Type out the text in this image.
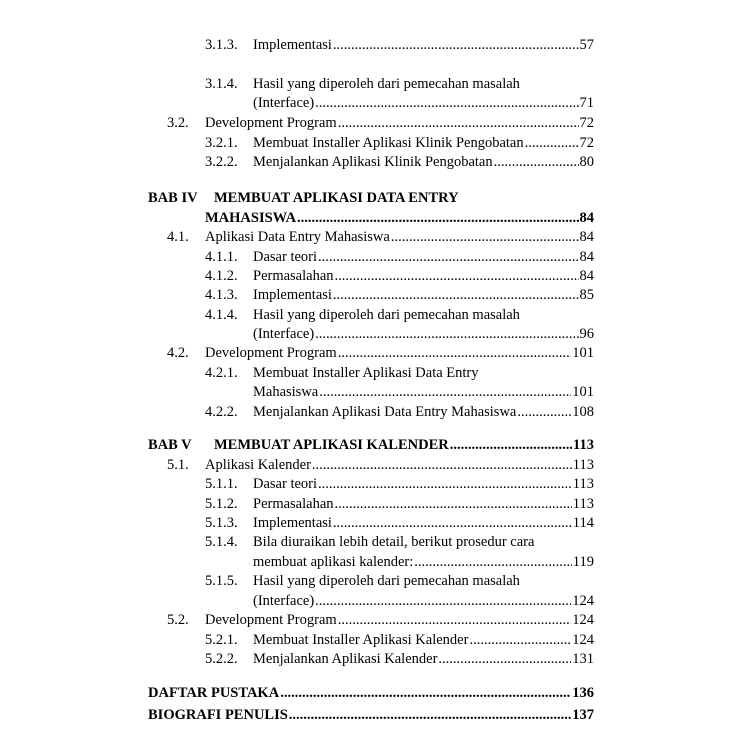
3.1.3. Implementasi .....	57
3.1.4. Hasil yang diperoleh dari pemecahan masalah
(Interface) .....	71
3.2. Development Program .....	72
3.2.1. Membuat Installer Aplikasi Klinik Pengobatan .....	72
3.2.2. Menjalankan Aplikasi Klinik Pengobatan .....	80
BAB IV MEMBUAT APLIKASI DATA ENTRY
MAHASISWA .....	84
4.1. Aplikasi Data Entry Mahasiswa .....	84
4.1.1. Dasar teori .....	84
4.1.2. Permasalahan .....	84
4.1.3. Implementasi .....	85
4.1.4. Hasil yang diperoleh dari pemecahan masalah
(Interface) .....	96
4.2. Development Program .....	101
4.2.1. Membuat Installer Aplikasi Data Entry
Mahasiswa .....	101
4.2.2. Menjalankan Aplikasi Data Entry Mahasiswa .....	108
BAB V MEMBUAT APLIKASI KALENDER .....	113
5.1. Aplikasi Kalender .....	113
5.1.1. Dasar teori .....	113
5.1.2. Permasalahan .....	113
5.1.3. Implementasi .....	114
5.1.4. Bila diuraikan lebih detail, berikut prosedur cara
membuat aplikasi kalender: .....	119
5.1.5. Hasil yang diperoleh dari pemecahan masalah
(Interface) .....	124
5.2. Development Program .....	124
5.2.1. Membuat Installer Aplikasi Kalender .....	124
5.2.2. Menjalankan Aplikasi Kalender .....	131
DAFTAR PUSTAKA .....	136
BIOGRAFI PENULIS .....	137
